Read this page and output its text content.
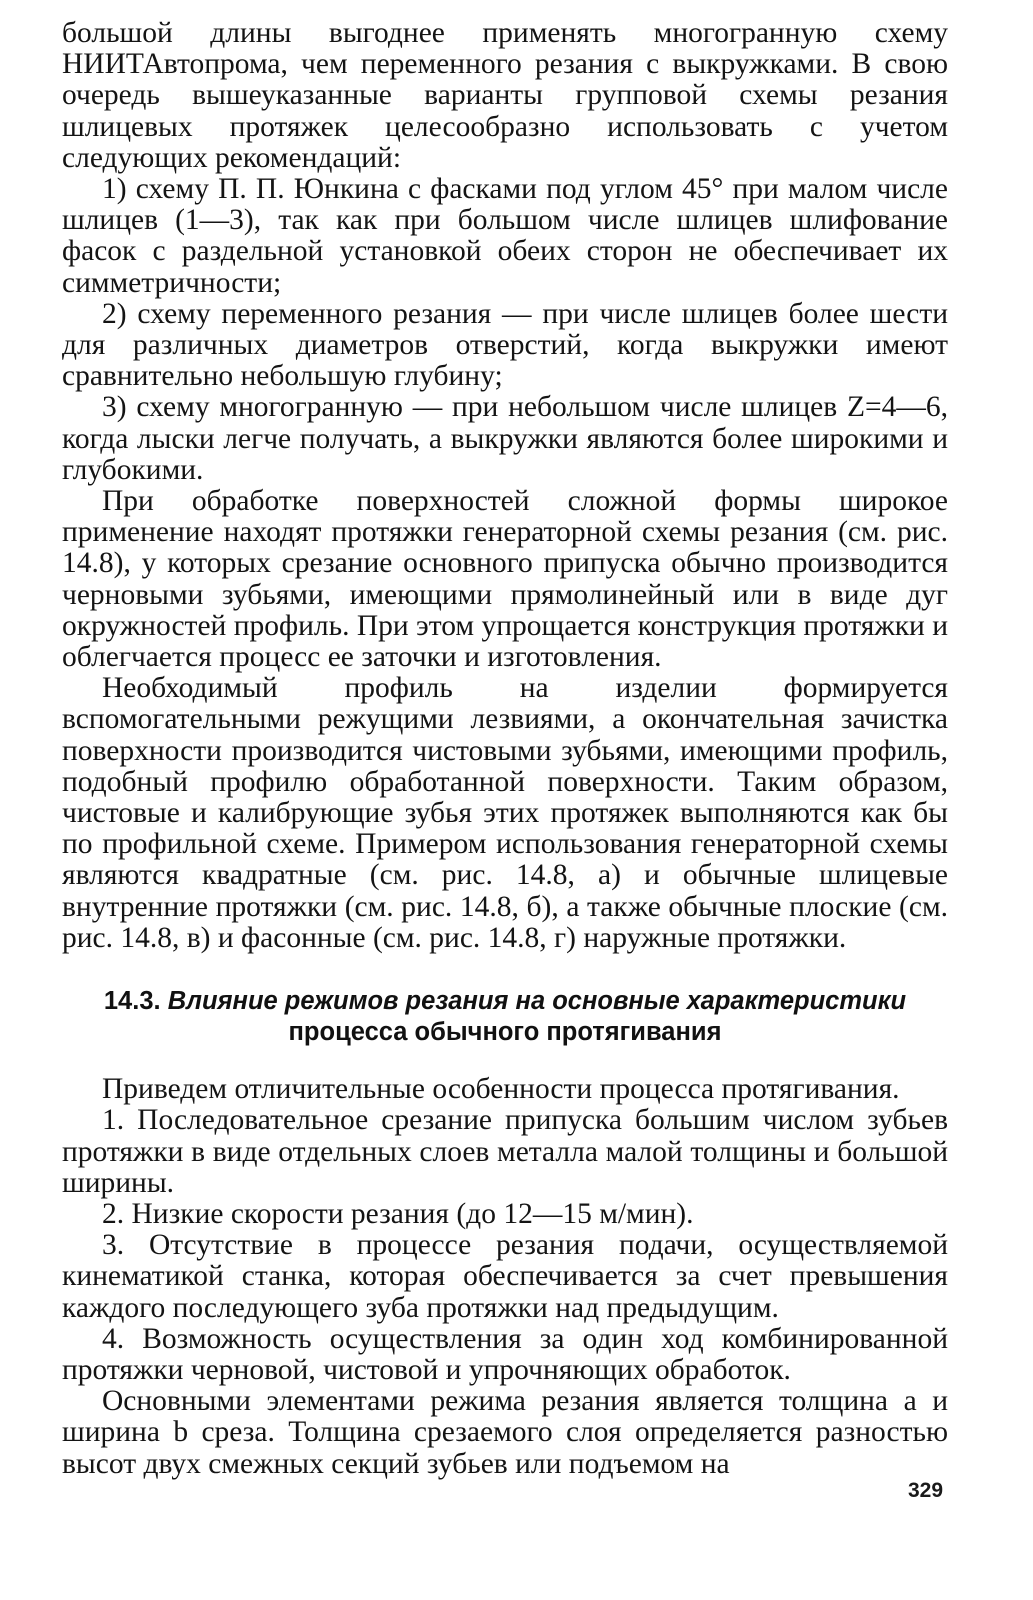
большой длины выгоднее применять многогранную схему НИИТАвтопрома, чем переменного резания с выкружками. В свою очередь вышеуказанные варианты групповой схемы резания шлицевых протяжек целесообразно использовать с учетом следующих рекомендаций:

1) схему П. П. Юнкина с фасками под углом 45° при малом числе шлицев (1—3), так как при большом числе шлицев шлифование фасок с раздельной установкой обеих сторон не обеспечивает их симметричности;

2) схему переменного резания — при числе шлицев более шести для различных диаметров отверстий, когда выкружки имеют сравнительно небольшую глубину;

3) схему многогранную — при небольшом числе шлицев Z=4—6, когда лыски легче получать, а выкружки являются более широкими и глубокими.

При обработке поверхностей сложной формы широкое применение находят протяжки генераторной схемы резания (см. рис. 14.8), у которых срезание основного припуска обычно производится черновыми зубьями, имеющими прямолинейный или в виде дуг окружностей профиль. При этом упрощается конструкция протяжки и облегчается процесс ее заточки и изготовления.

Необходимый профиль на изделии формируется вспомогательными режущими лезвиями, а окончательная зачистка поверхности производится чистовыми зубьями, имеющими профиль, подобный профилю обработанной поверхности. Таким образом, чистовые и калибрующие зубья этих протяжек выполняются как бы по профильной схеме. Примером использования генераторной схемы являются квадратные (см. рис. 14.8, а) и обычные шлицевые внутренние протяжки (см. рис. 14.8, б), а также обычные плоские (см. рис. 14.8, в) и фасонные (см. рис. 14.8, г) наружные протяжки.

14.3. Влияние режимов резания на основные характеристики
процесса обычного протягивания

Приведем отличительные особенности процесса протягивания.

1. Последовательное срезание припуска большим числом зубьев протяжки в виде отдельных слоев металла малой толщины и большой ширины.

2. Низкие скорости резания (до 12—15 м/мин).

3. Отсутствие в процессе резания подачи, осуществляемой кинематикой станка, которая обеспечивается за счет превышения каждого последующего зуба протяжки над предыдущим.

4. Возможность осуществления за один ход комбинированной протяжки черновой, чистовой и упрочняющих обработок.

Основными элементами режима резания является толщина a и ширина b среза. Толщина срезаемого слоя определяется разностью высот двух смежных секций зубьев или подъемом на

329
